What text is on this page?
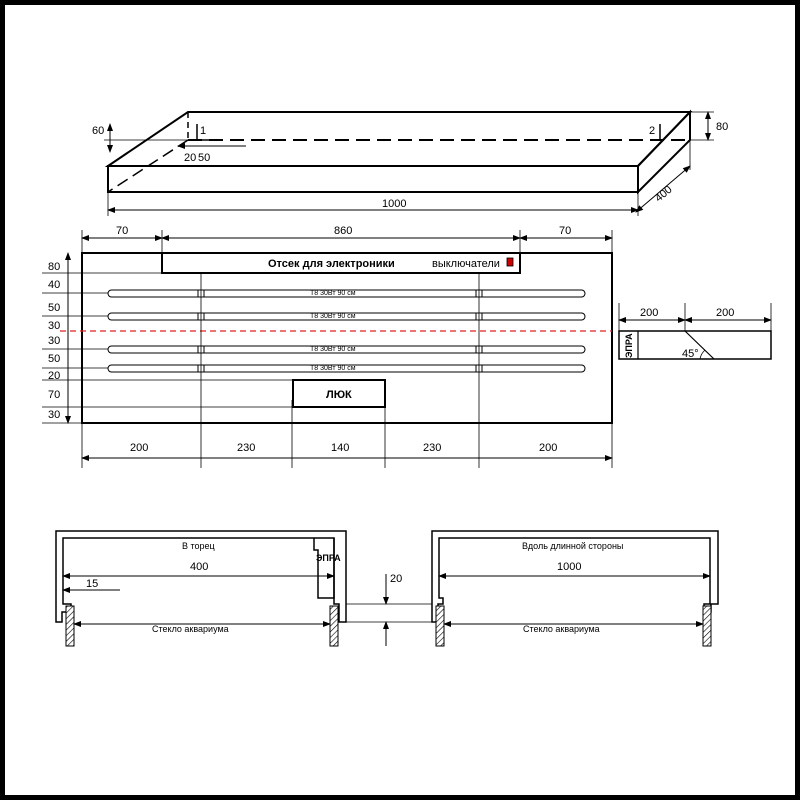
60	1
20 50
2	80
400
1000
70	860	70
Отсек для электроники	выключатели
80
40
50
30
30
50
20
70
30
Т8 30Вт 90 см
Т8 30Вт 90 см
Т8 30Вт 90 см
Т8 30Вт 90 см
ЛЮК
200	230	140	230	200
200	200
ЭПРА	45°
В торец
ЭПРА
400
15
Стекло аквариума
20
Вдоль длинной стороны
1000
Стекло аквариума
